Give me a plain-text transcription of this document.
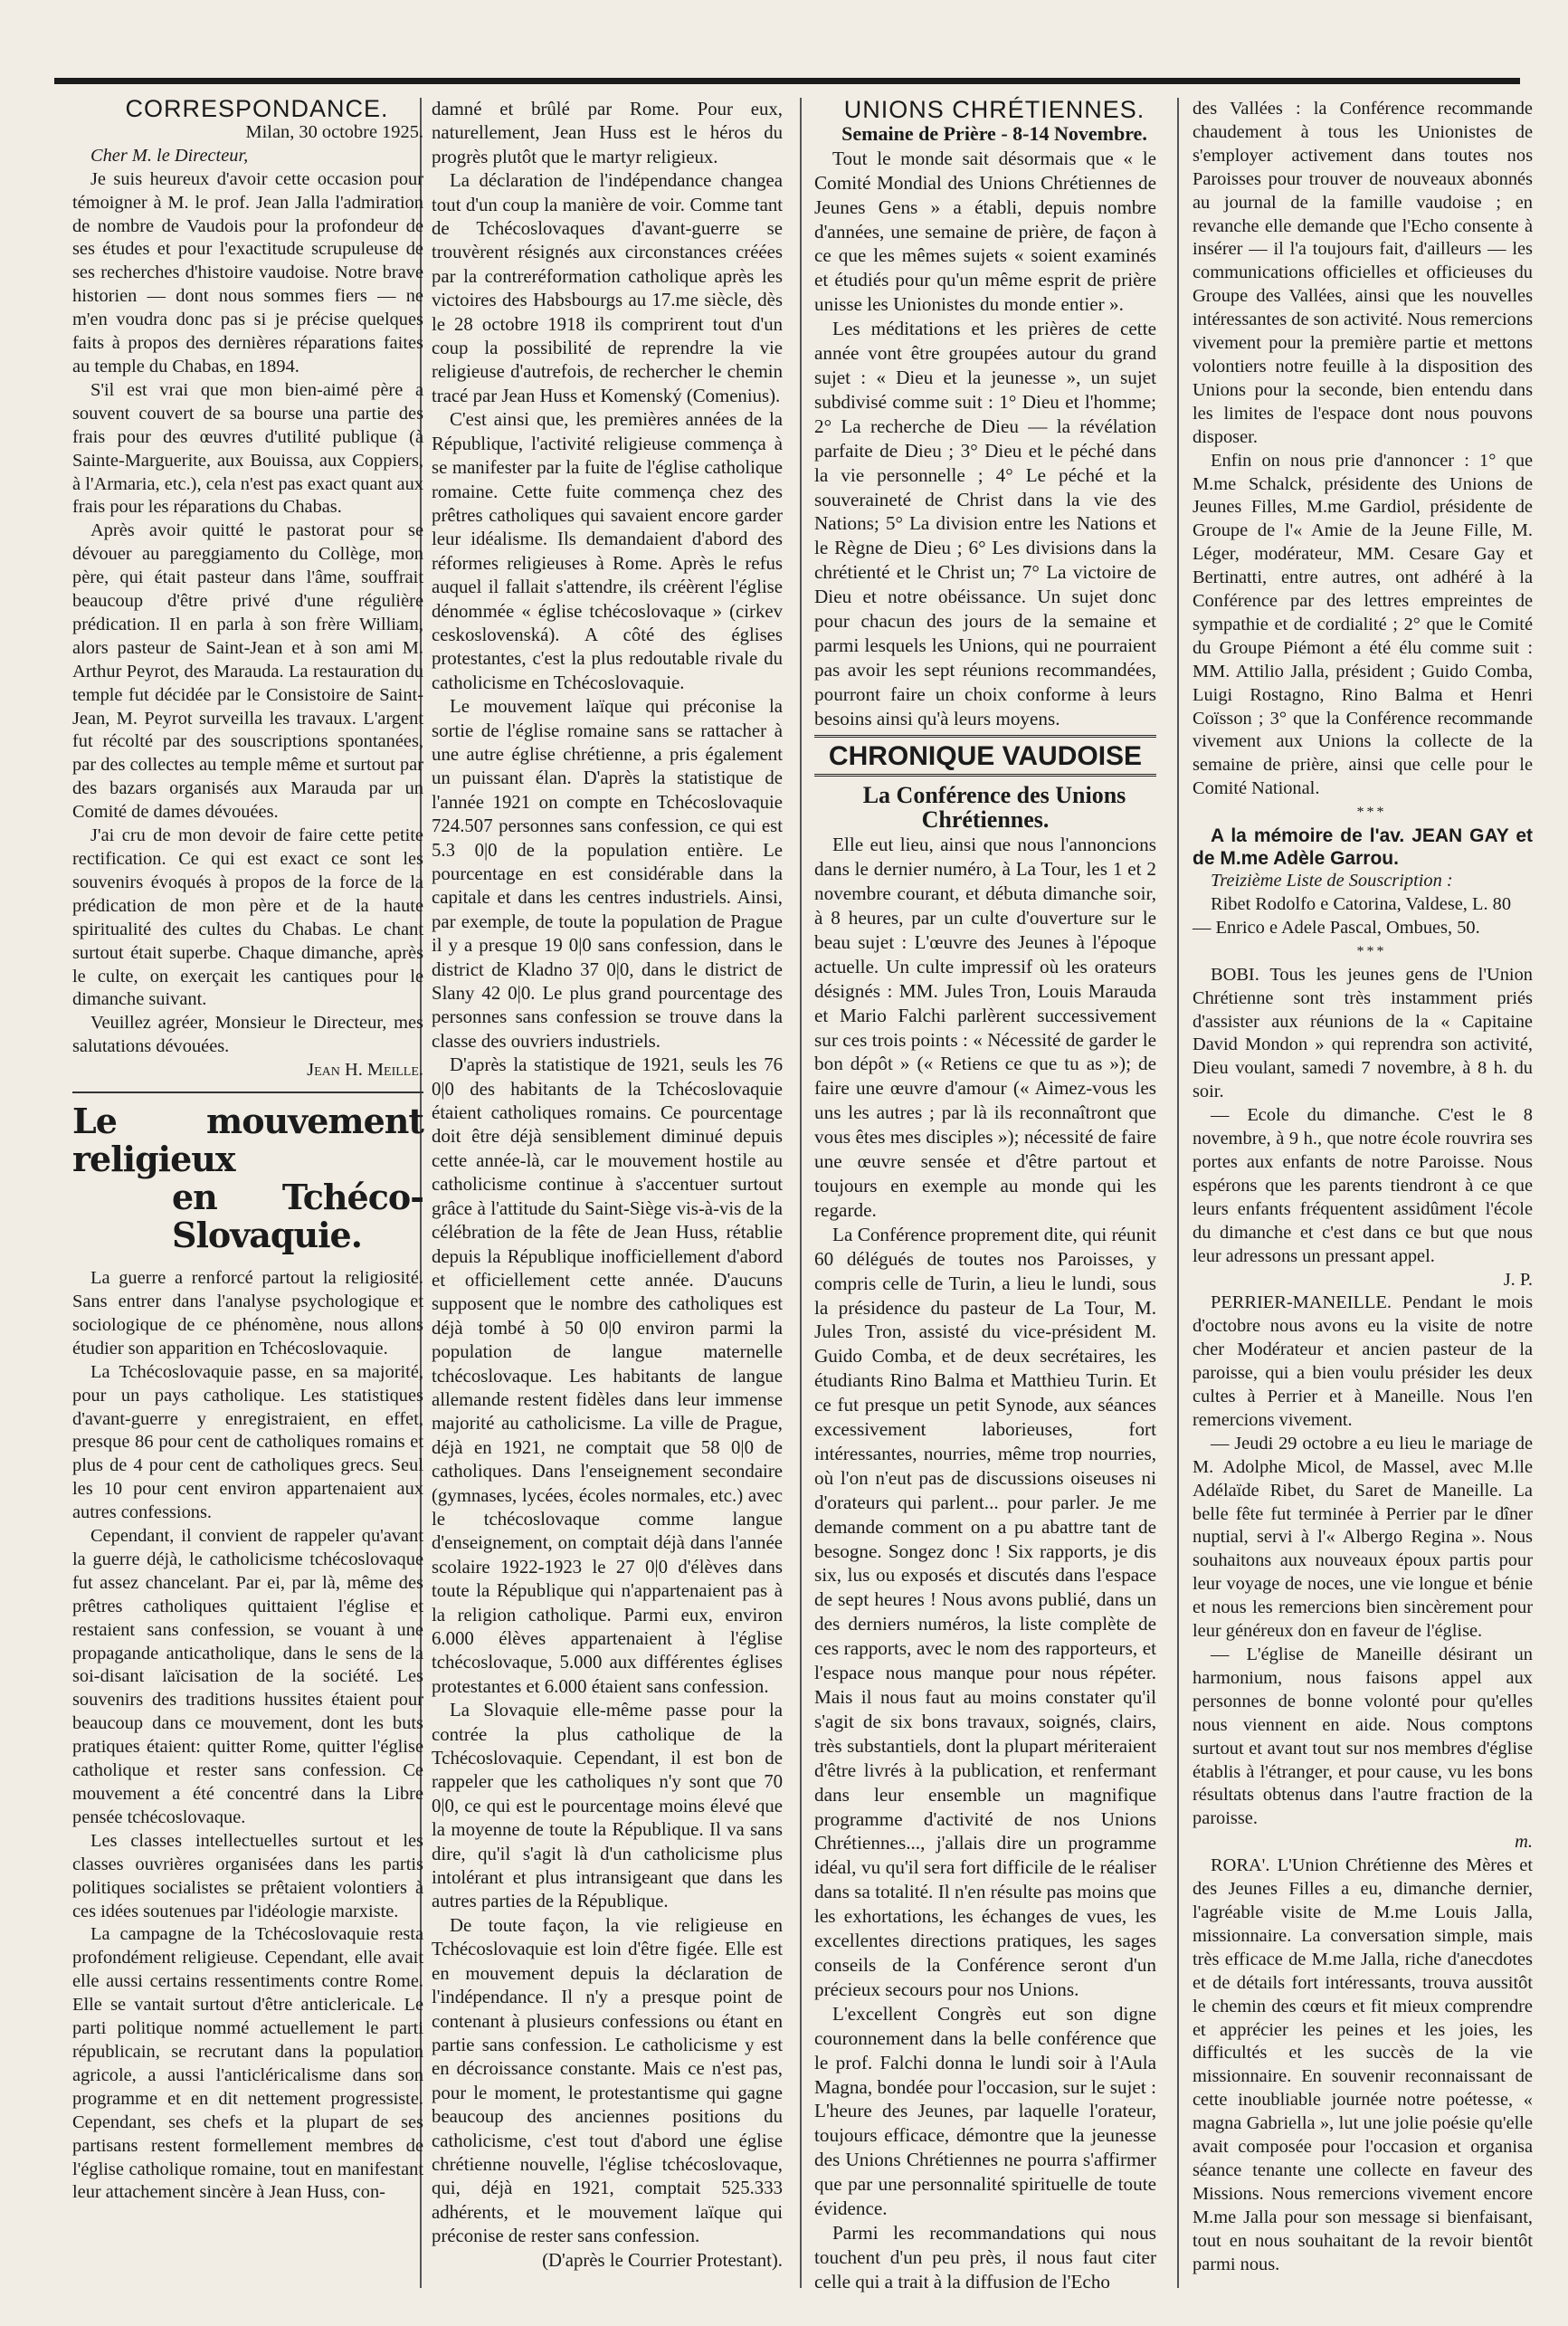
CORRESPONDANCE.

Milan, 30 octobre 1925.

Cher M. le Directeur,

Je suis heureux d'avoir cette occasion pour témoigner à M. le prof. Jean Jalla l'admiration de nombre de Vaudois pour la profondeur de ses études et pour l'exactitude scrupuleuse de ses recherches d'histoire vaudoise. Notre brave historien — dont nous sommes fiers — ne m'en voudra donc pas si je précise quelques faits à propos des dernières réparations faites au temple du Chabas, en 1894.

S'il est vrai que mon bien-aimé père a souvent couvert de sa bourse una partie des frais pour des œuvres d'utilité publique (à Sainte-Marguerite, aux Bouissa, aux Coppiers, à l'Armaria, etc.), cela n'est pas exact quant aux frais pour les réparations du Chabas.

Après avoir quitté le pastorat pour se dévouer au pareggiamento du Collège, mon père, qui était pasteur dans l'âme, souffrait beaucoup d'être privé d'une régulière prédication. Il en parla à son frère William, alors pasteur de Saint-Jean et à son ami M. Arthur Peyrot, des Marauda. La restauration du temple fut décidée par le Consistoire de Saint-Jean, M. Peyrot surveilla les travaux. L'argent fut récolté par des souscriptions spontanées, par des collectes au temple même et surtout par des bazars organisés aux Marauda par un Comité de dames dévouées.

J'ai cru de mon devoir de faire cette petite rectification. Ce qui est exact ce sont les souvenirs évoqués à propos de la force de la prédication de mon père et de la haute spiritualité des cultes du Chabas. Le chant surtout était superbe. Chaque dimanche, après le culte, on exerçait les cantiques pour le dimanche suivant.

Veuillez agréer, Monsieur le Directeur, mes salutations dévouées.

Jean H. Meille.

Le mouvement religieux
en Tchéco-Slovaquie.

La guerre a renforcé partout la religiosité. Sans entrer dans l'analyse psychologique et sociologique de ce phénomène, nous allons étudier son apparition en Tchécoslovaquie.

La Tchécoslovaquie passe, en sa majorité, pour un pays catholique. Les statistiques d'avant-guerre y enregistraient, en effet, presque 86 pour cent de catholiques romains et plus de 4 pour cent de catholiques grecs. Seul les 10 pour cent environ appartenaient aux autres confessions.

Cependant, il convient de rappeler qu'avant la guerre déjà, le catholicisme tchécoslovaque fut assez chancelant. Par ei, par là, même des prêtres catholiques quittaient l'église et restaient sans confession, se vouant à une propagande anticatholique, dans le sens de la soi-disant laïcisation de la société. Les souvenirs des traditions hussites étaient pour beaucoup dans ce mouvement, dont les buts pratiques étaient: quitter Rome, quitter l'église catholique et rester sans confession. Ce mouvement a été concentré dans la Libre pensée tchécoslovaque.

Les classes intellectuelles surtout et les classes ouvrières organisées dans les partis politiques socialistes se prêtaient volontiers à ces idées soutenues par l'idéologie marxiste.

La campagne de la Tchécoslovaquie resta profondément religieuse. Cependant, elle avait elle aussi certains ressentiments contre Rome. Elle se vantait surtout d'être anticlericale. Le parti politique nommé actuellement le parti républicain, se recrutant dans la population agricole, a aussi l'anticléricalisme dans son programme et en dit nettement progressiste. Cependant, ses chefs et la plupart de ses partisans restent formellement membres de l'église catholique romaine, tout en manifestant leur attachement sincère à Jean Huss, con-

damné et brûlé par Rome. Pour eux, naturellement, Jean Huss est le héros du progrès plutôt que le martyr religieux.

La déclaration de l'indépendance changea tout d'un coup la manière de voir. Comme tant de Tchécoslovaques d'avant-guerre se trouvèrent résignés aux circonstances créées par la contreréformation catholique après les victoires des Habsbourgs au 17.me siècle, dès le 28 octobre 1918 ils comprirent tout d'un coup la possibilité de reprendre la vie religieuse d'autrefois, de rechercher le chemin tracé par Jean Huss et Komenský (Comenius).

C'est ainsi que, les premières années de la République, l'activité religieuse commença à se manifester par la fuite de l'église catholique romaine. Cette fuite commença chez des prêtres catholiques qui savaient encore garder leur idéalisme. Ils demandaient d'abord des réformes religieuses à Rome. Après le refus auquel il fallait s'attendre, ils créèrent l'église dénommée « église tchécoslovaque » (cirkev ceskoslovenská). A côté des églises protestantes, c'est la plus redoutable rivale du catholicisme en Tchécoslovaquie.

Le mouvement laïque qui préconise la sortie de l'église romaine sans se rattacher à une autre église chrétienne, a pris également un puissant élan. D'après la statistique de l'année 1921 on compte en Tchécoslovaquie 724.507 personnes sans confession, ce qui est 5.3 0|0 de la population entière. Le pourcentage en est considérable dans la capitale et dans les centres industriels. Ainsi, par exemple, de toute la population de Prague il y a presque 19 0|0 sans confession, dans le district de Kladno 37 0|0, dans le district de Slany 42 0|0. Le plus grand pourcentage des personnes sans confession se trouve dans la classe des ouvriers industriels.

D'après la statistique de 1921, seuls les 76 0|0 des habitants de la Tchécoslovaquie étaient catholiques romains. Ce pourcentage doit être déjà sensiblement diminué depuis cette année-là, car le mouvement hostile au catholicisme continue à s'accentuer surtout grâce à l'attitude du Saint-Siège vis-à-vis de la célébration de la fête de Jean Huss, rétablie depuis la République inofficiellement d'abord et officiellement cette année. D'aucuns supposent que le nombre des catholiques est déjà tombé à 50 0|0 environ parmi la population de langue maternelle tchécoslovaque. Les habitants de langue allemande restent fidèles dans leur immense majorité au catholicisme. La ville de Prague, déjà en 1921, ne comptait que 58 0|0 de catholiques. Dans l'enseignement secondaire (gymnases, lycées, écoles normales, etc.) avec le tchécoslovaque comme langue d'enseignement, on comptait déjà dans l'année scolaire 1922-1923 le 27 0|0 d'élèves dans toute la République qui n'appartenaient pas à la religion catholique. Parmi eux, environ 6.000 élèves appartenaient à l'église tchécoslovaque, 5.000 aux différentes églises protestantes et 6.000 étaient sans confession.

La Slovaquie elle-même passe pour la contrée la plus catholique de la Tchécoslovaquie. Cependant, il est bon de rappeler que les catholiques n'y sont que 70 0|0, ce qui est le pourcentage moins élevé que la moyenne de toute la République. Il va sans dire, qu'il s'agit là d'un catholicisme plus intolérant et plus intransigeant que dans les autres parties de la République.

De toute façon, la vie religieuse en Tchécoslovaquie est loin d'être figée. Elle est en mouvement depuis la déclaration de l'indépendance. Il n'y a presque point de contenant à plusieurs confessions ou étant en partie sans confession. Le catholicisme y est en décroissance constante. Mais ce n'est pas, pour le moment, le protestantisme qui gagne beaucoup des anciennes positions du catholicisme, c'est tout d'abord une église chrétienne nouvelle, l'église tchécoslovaque, qui, déjà en 1921, comptait 525.333 adhérents, et le mouvement laïque qui préconise de rester sans confession.

(D'après le Courrier Protestant).

UNIONS CHRÉTIENNES.

Semaine de Prière - 8-14 Novembre.

Tout le monde sait désormais que « le Comité Mondial des Unions Chrétiennes de Jeunes Gens » a établi, depuis nombre d'années, une semaine de prière, de façon à ce que les mêmes sujets « soient examinés et étudiés pour qu'un même esprit de prière unisse les Unionistes du monde entier ».

Les méditations et les prières de cette année vont être groupées autour du grand sujet : « Dieu et la jeunesse », un sujet subdivisé comme suit : 1° Dieu et l'homme; 2° La recherche de Dieu — la révélation parfaite de Dieu ; 3° Dieu et le péché dans la vie personnelle ; 4° Le péché et la souveraineté de Christ dans la vie des Nations; 5° La division entre les Nations et le Règne de Dieu ; 6° Les divisions dans la chrétienté et le Christ un; 7° La victoire de Dieu et notre obéissance. Un sujet donc pour chacun des jours de la semaine et parmi lesquels les Unions, qui ne pourraient pas avoir les sept réunions recommandées, pourront faire un choix conforme à leurs besoins ainsi qu'à leurs moyens.

CHRONIQUE VAUDOISE

La Conférence des Unions Chrétiennes.

Elle eut lieu, ainsi que nous l'annoncions dans le dernier numéro, à La Tour, les 1 et 2 novembre courant, et débuta dimanche soir, à 8 heures, par un culte d'ouverture sur le beau sujet : L'œuvre des Jeunes à l'époque actuelle. Un culte impressif où les orateurs désignés : MM. Jules Tron, Louis Marauda et Mario Falchi parlèrent successivement sur ces trois points : « Nécessité de garder le bon dépôt » (« Retiens ce que tu as »); de faire une œuvre d'amour (« Aimez-vous les uns les autres ; par là ils reconnaîtront que vous êtes mes disciples »); nécessité de faire une œuvre sensée et d'être partout et toujours en exemple au monde qui les regarde.

La Conférence proprement dite, qui réunit 60 délégués de toutes nos Paroisses, y compris celle de Turin, a lieu le lundi, sous la présidence du pasteur de La Tour, M. Jules Tron, assisté du vice-président M. Guido Comba, et de deux secrétaires, les étudiants Rino Balma et Matthieu Turin. Et ce fut presque un petit Synode, aux séances excessivement laborieuses, fort intéressantes, nourries, même trop nourries, où l'on n'eut pas de discussions oiseuses ni d'orateurs qui parlent... pour parler. Je me demande comment on a pu abattre tant de besogne. Songez donc ! Six rapports, je dis six, lus ou exposés et discutés dans l'espace de sept heures ! Nous avons publié, dans un des derniers numéros, la liste complète de ces rapports, avec le nom des rapporteurs, et l'espace nous manque pour nous répéter. Mais il nous faut au moins constater qu'il s'agit de six bons travaux, soignés, clairs, très substantiels, dont la plupart mériteraient d'être livrés à la publication, et renfermant dans leur ensemble un magnifique programme d'activité de nos Unions Chrétiennes..., j'allais dire un programme idéal, vu qu'il sera fort difficile de le réaliser dans sa totalité. Il n'en résulte pas moins que les exhortations, les échanges de vues, les excellentes directions pratiques, les sages conseils de la Conférence seront d'un précieux secours pour nos Unions.

L'excellent Congrès eut son digne couronnement dans la belle conférence que le prof. Falchi donna le lundi soir à l'Aula Magna, bondée pour l'occasion, sur le sujet : L'heure des Jeunes, par laquelle l'orateur, toujours efficace, démontre que la jeunesse des Unions Chrétiennes ne pourra s'affirmer que par une personnalité spirituelle de toute évidence.

Parmi les recommandations qui nous touchent d'un peu près, il nous faut citer celle qui a trait à la diffusion de l'Echo

des Vallées : la Conférence recommande chaudement à tous les Unionistes de s'employer activement dans toutes nos Paroisses pour trouver de nouveaux abonnés au journal de la famille vaudoise ; en revanche elle demande que l'Echo consente à insérer — il l'a toujours fait, d'ailleurs — les communications officielles et officieuses du Groupe des Vallées, ainsi que les nouvelles intéressantes de son activité. Nous remercions vivement pour la première partie et mettons volontiers notre feuille à la disposition des Unions pour la seconde, bien entendu dans les limites de l'espace dont nous pouvons disposer.

Enfin on nous prie d'annoncer : 1° que M.me Schalck, présidente des Unions de Jeunes Filles, M.me Gardiol, présidente de Groupe de l'« Amie de la Jeune Fille, M. Léger, modérateur, MM. Cesare Gay et Bertinatti, entre autres, ont adhéré à la Conférence par des lettres empreintes de sympathie et de cordialité ; 2° que le Comité du Groupe Piémont a été élu comme suit : MM. Attilio Jalla, président ; Guido Comba, Luigi Rostagno, Rino Balma et Henri Coïsson ; 3° que la Conférence recommande vivement aux Unions la collecte de la semaine de prière, ainsi que celle pour le Comité National.

***

A la mémoire de l'av. JEAN GAY et de M.me Adèle Garrou.

Treizième Liste de Souscription :

Ribet Rodolfo e Catorina, Valdese, L. 80

— Enrico e Adele Pascal, Ombues, 50.

***

BOBI. Tous les jeunes gens de l'Union Chrétienne sont très instamment priés d'assister aux réunions de la « Capitaine David Mondon » qui reprendra son activité, Dieu voulant, samedi 7 novembre, à 8 h. du soir.

— Ecole du dimanche. C'est le 8 novembre, à 9 h., que notre école rouvrira ses portes aux enfants de notre Paroisse. Nous espérons que les parents tiendront à ce que leurs enfants fréquentent assidûment l'école du dimanche et c'est dans ce but que nous leur adressons un pressant appel.

J. P.

PERRIER-MANEILLE. Pendant le mois d'octobre nous avons eu la visite de notre cher Modérateur et ancien pasteur de la paroisse, qui a bien voulu présider les deux cultes à Perrier et à Maneille. Nous l'en remercions vivement.

— Jeudi 29 octobre a eu lieu le mariage de M. Adolphe Micol, de Massel, avec M.lle Adélaïde Ribet, du Saret de Maneille. La belle fête fut terminée à Perrier par le dîner nuptial, servi à l'« Albergo Regina ». Nous souhaitons aux nouveaux époux partis pour leur voyage de noces, une vie longue et bénie et nous les remercions bien sincèrement pour leur généreux don en faveur de l'église.

— L'église de Maneille désirant un harmonium, nous faisons appel aux personnes de bonne volonté pour qu'elles nous viennent en aide. Nous comptons surtout et avant tout sur nos membres d'église établis à l'étranger, et pour cause, vu les bons résultats obtenus dans l'autre fraction de la paroisse.

m.

RORA'. L'Union Chrétienne des Mères et des Jeunes Filles a eu, dimanche dernier, l'agréable visite de M.me Louis Jalla, missionnaire. La conversation simple, mais très efficace de M.me Jalla, riche d'anecdotes et de détails fort intéressants, trouva aussitôt le chemin des cœurs et fit mieux comprendre et apprécier les peines et les joies, les difficultés et les succès de la vie missionnaire. En souvenir reconnaissant de cette inoubliable journée notre poétesse, « magna Gabriella », lut une jolie poésie qu'elle avait composée pour l'occasion et organisa séance tenante une collecte en faveur des Missions. Nous remercions vivement encore M.me Jalla pour son message si bienfaisant, tout en nous souhaitant de la revoir bientôt parmi nous.
